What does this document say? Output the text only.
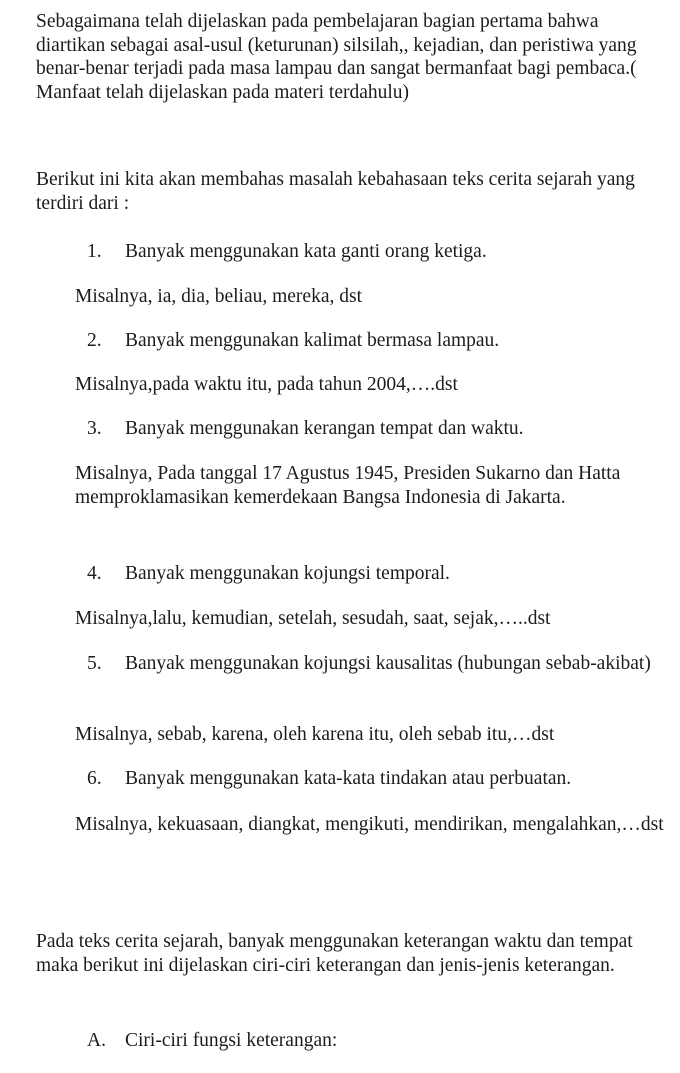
Sebagaimana telah dijelaskan pada pembelajaran bagian pertama bahwa diartikan sebagai asal-usul (keturunan) silsilah,, kejadian, dan peristiwa yang benar-benar terjadi pada masa lampau dan sangat bermanfaat bagi pembaca.( Manfaat telah dijelaskan pada materi terdahulu)

Berikut ini kita akan membahas masalah kebahasaan teks cerita sejarah yang terdiri dari :

1. Banyak menggunakan kata ganti orang ketiga.

Misalnya, ia, dia, beliau, mereka, dst

2. Banyak menggunakan kalimat bermasa lampau.

Misalnya,pada waktu itu, pada tahun 2004,….dst

3. Banyak menggunakan kerangan tempat dan waktu.

Misalnya, Pada tanggal 17 Agustus 1945, Presiden Sukarno dan Hatta memproklamasikan kemerdekaan Bangsa Indonesia di Jakarta.

4. Banyak menggunakan kojungsi temporal.

Misalnya,lalu, kemudian, setelah, sesudah, saat, sejak,…..dst

5. Banyak menggunakan kojungsi kausalitas (hubungan sebab-akibat)

Misalnya, sebab, karena, oleh karena itu, oleh sebab itu,…dst

6. Banyak menggunakan kata-kata tindakan atau perbuatan.

Misalnya, kekuasaan, diangkat, mengikuti, mendirikan, mengalahkan,…dst

Pada teks cerita sejarah, banyak menggunakan keterangan waktu dan tempat maka berikut ini dijelaskan ciri-ciri keterangan dan jenis-jenis keterangan.

A. Ciri-ciri fungsi keterangan:
